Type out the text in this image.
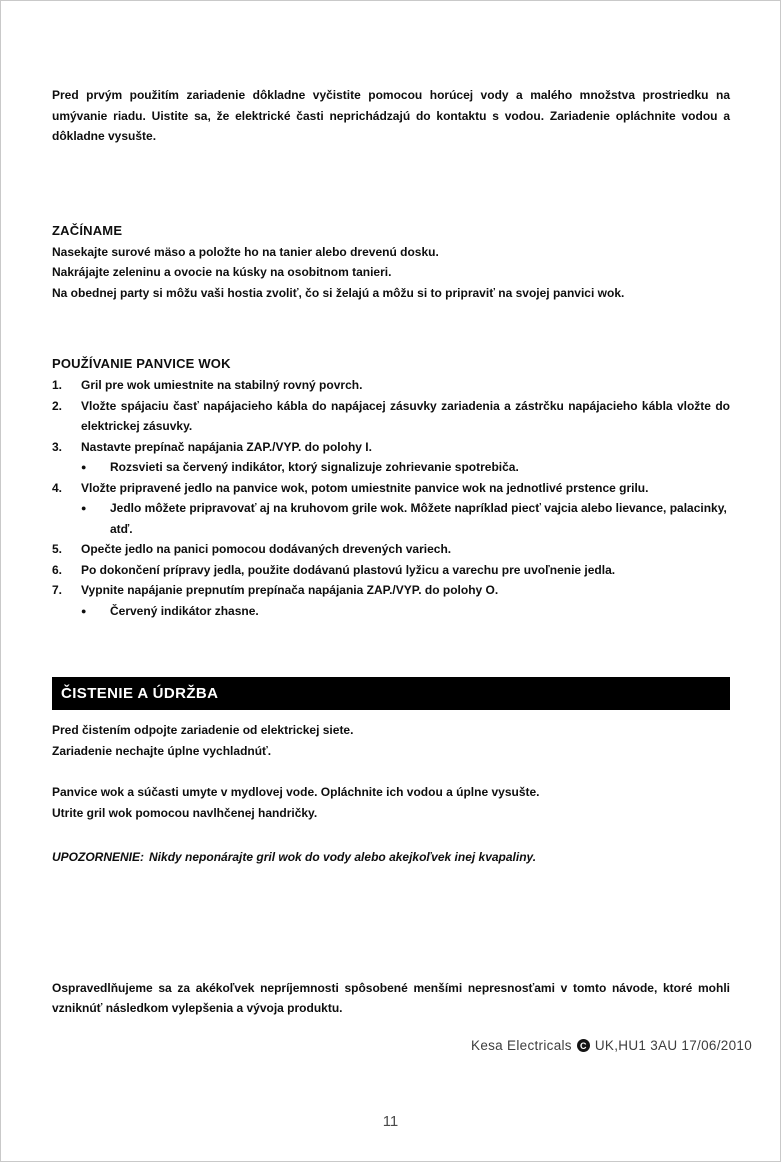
Pred prvým použitím zariadenie dôkladne vyčistite pomocou horúcej vody a malého množstva prostriedku na umývanie riadu. Uistite sa, že elektrické časti neprichádzajú do kontaktu s vodou. Zariadenie opláchnite vodou a dôkladne vysušte.

ZAČÍNAME

Nasekajte surové mäso a položte ho na tanier alebo drevenú dosku.

Nakrájajte zeleninu a ovocie na kúsky na osobitnom tanieri.

Na obednej party si môžu vaši hostia zvoliť, čo si želajú a môžu si to pripraviť na svojej panvici wok.

POUŽÍVANIE PANVICE WOK
1.	Gril pre wok umiestnite na stabilný rovný povrch.
2.	Vložte spájaciu časť napájacieho kábla do napájacej zásuvky zariadenia a zástrčku napájacieho kábla vložte do elektrickej zásuvky.
3.	Nastavte prepínač napájania ZAP./VYP. do polohy I.
●	Rozsvieti sa červený indikátor, ktorý signalizuje zohrievanie spotrebiča.
4.	Vložte pripravené jedlo na panvice wok, potom umiestnite panvice wok na jednotlivé prstence grilu.
●	Jedlo môžete pripravovať aj na kruhovom grile wok. Môžete napríklad piecť vajcia alebo lievance, palacinky, atď.
5.	Opečte jedlo na panici pomocou dodávaných drevených variech.
6.	Po dokončení prípravy jedla, použite dodávanú plastovú lyžicu a varechu pre uvoľnenie jedla.
7.	Vypnite napájanie prepnutím prepínača napájania ZAP./VYP. do polohy O.
●	Červený indikátor zhasne.
ČISTENIE A ÚDRŽBA

Pred čistením odpojte zariadenie od elektrickej siete.

Zariadenie nechajte úplne vychladnúť.

Panvice wok a súčasti umyte v mydlovej vode. Opláchnite ich vodou a úplne vysušte.

Utrite gril wok pomocou navlhčenej handričky.

UPOZORNENIE: Nikdy neponárajte gril wok do vody alebo akejkoľvek inej kvapaliny.

Ospravedlňujeme sa za akékoľvek nepríjemnosti spôsobené menšími nepresnosťami v tomto návode, ktoré mohli vzniknúť následkom vylepšenia a vývoja produktu.

Kesa Electricals C UK,HU1 3AU 17/06/2010
11
